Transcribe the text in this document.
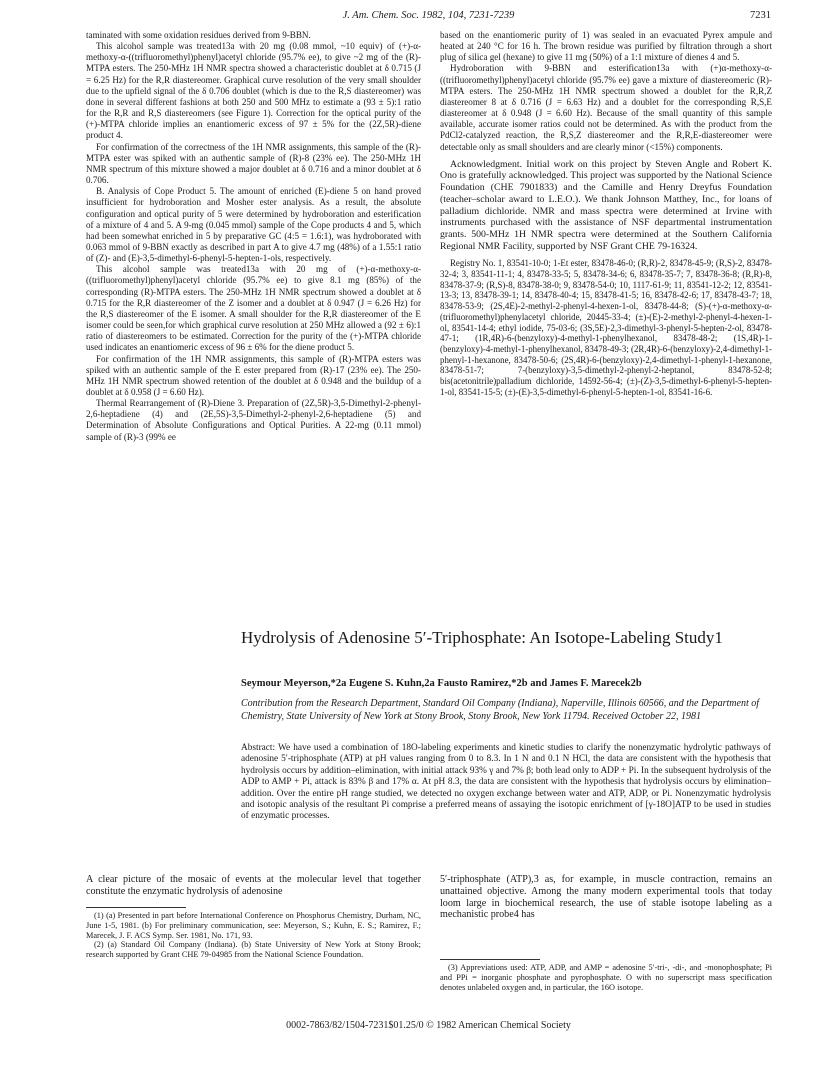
J. Am. Chem. Soc. 1982, 104, 7231-7239	7231

taminated with some oxidation residues derived from 9-BBN.

This alcohol sample was treated13a with 20 mg (0.08 mmol, ~10 equiv) of (+)-α-methoxy-α-((trifluoromethyl)phenyl)acetyl chloride (95.7% ee), to give ~2 mg of the (R)-MTPA esters. The 250-MHz 1H NMR spectra showed a characteristic doublet at δ 0.715 (J = 6.25 Hz) for the R,R diastereomer. Graphical curve resolution of the very small shoulder due to the upfield signal of the δ 0.706 doublet (which is due to the R,S diastereomer) was done in several different fashions at both 250 and 500 MHz to estimate a (93 ± 5):1 ratio for the R,R and R,S diastereomers (see Figure 1). Correction for the optical purity of the (+)-MTPA chloride implies an enantiomeric excess of 97 ± 5% for the (2Z,5R)-diene product 4.

For confirmation of the correctness of the 1H NMR assignments, this sample of the (R)-MTPA ester was spiked with an authentic sample of (R)-8 (23% ee). The 250-MHz 1H NMR spectrum of this mixture showed a major doublet at δ 0.716 and a minor doublet at δ 0.706.

B. Analysis of Cope Product 5. The amount of enriched (E)-diene 5 on hand proved insufficient for hydroboration and Mosher ester analysis. As a result, the absolute configuration and optical purity of 5 were determined by hydroboration and esterification of a mixture of 4 and 5. A 9-mg (0.045 mmol) sample of the Cope products 4 and 5, which had been somewhat enriched in 5 by preparative GC (4:5 = 1.6:1), was hydroborated with 0.063 mmol of 9-BBN exactly as described in part A to give 4.7 mg (48%) of a 1.55:1 ratio of (Z)- and (E)-3,5-dimethyl-6-phenyl-5-hepten-1-ols, respectively.

This alcohol sample was treated13a with 20 mg of (+)-α-methoxy-α-((trifluoromethyl)phenyl)acetyl chloride (95.7% ee) to give 8.1 mg (85%) of the corresponding (R)-MTPA esters. The 250-MHz 1H NMR spectrum showed a doublet at δ 0.715 for the R,R diastereomer of the Z isomer and a doublet at δ 0.947 (J = 6.26 Hz) for the R,S diastereomer of the E isomer. A small shoulder for the R,R diastereomer of the E isomer could be seen,for which graphical curve resolution at 250 MHz allowed a (92 ± 6):1 ratio of diastereomers to be estimated. Correction for the purity of the (+)-MTPA chloride used indicates an enantiomeric excess of 96 ± 6% for the diene product 5.

For confirmation of the 1H NMR assignments, this sample of (R)-MTPA esters was spiked with an authentic sample of the E ester prepared from (R)-17 (23% ee). The 250-MHz 1H NMR spectrum showed retention of the doublet at δ 0.948 and the buildup of a doublet at δ 0.958 (J = 6.60 Hz).

Thermal Rearrangement of (R)-Diene 3. Preparation of (2Z,5R)-3,5-Dimethyl-2-phenyl-2,6-heptadiene (4) and (2E,5S)-3,5-Dimethyl-2-phenyl-2,6-heptadiene (5) and Determination of Absolute Configurations and Optical Purities. A 22-mg (0.11 mmol) sample of (R)-3 (99% ee

based on the enantiomeric purity of 1) was sealed in an evacuated Pyrex ampule and heated at 240 °C for 16 h. The brown residue was purified by filtration through a short plug of silica gel (hexane) to give 11 mg (50%) of a 1:1 mixture of dienes 4 and 5.

Hydroboration with 9-BBN and esterification13a with (+)α-methoxy-α-((trifluoromethyl)phenyl)acetyl chloride (95.7% ee) gave a mixture of diastereomeric (R)-MTPA esters. The 250-MHz 1H NMR spectrum showed a doublet for the R,R,Z diastereomer 8 at δ 0.716 (J = 6.63 Hz) and a doublet for the corresponding R,S,E diastereomer at δ 0.948 (J = 6.60 Hz). Because of the small quantity of this sample available, accurate isomer ratios could not be determined. As with the product from the PdCl2-catalyzed reaction, the R,S,Z diastereomer and the R,R,E-diastereomer were detectable only as small shoulders and are clearly minor (<15%) components.

Acknowledgment. Initial work on this project by Steven Angle and Robert K. Ono is gratefully acknowledged. This project was supported by the National Science Foundation (CHE 7901833) and the Camille and Henry Dreyfus Foundation (teacher–scholar award to L.E.O.). We thank Johnson Matthey, Inc., for loans of palladium dichloride. NMR and mass spectra were determined at Irvine with instruments purchased with the assistance of NSF departmental instrumentation grants. 500-MHz 1H NMR spectra were determined at the Southern California Regional NMR Facility, supported by NSF Grant CHE 79-16324.

Registry No. 1, 83541-10-0; 1-Et ester, 83478-46-0; (R,R)-2, 83478-45-9; (R,S)-2, 83478-32-4; 3, 83541-11-1; 4, 83478-33-5; 5, 83478-34-6; 6, 83478-35-7; 7, 83478-36-8; (R,R)-8, 83478-37-9; (R,S)-8, 83478-38-0; 9, 83478-54-0; 10, 1117-61-9; 11, 83541-12-2; 12, 83541-13-3; 13, 83478-39-1; 14, 83478-40-4; 15, 83478-41-5; 16, 83478-42-6; 17, 83478-43-7; 18, 83478-53-9; (2S,4E)-2-methyl-2-phenyl-4-hexen-1-ol, 83478-44-8; (S)-(+)-α-methoxy-α-(trifluoromethyl)phenylacetyl chloride, 20445-33-4; (±)-(E)-2-methyl-2-phenyl-4-hexen-1-ol, 83541-14-4; ethyl iodide, 75-03-6; (3S,5E)-2,3-dimethyl-3-phenyl-5-hepten-2-ol, 83478-47-1; (1R,4R)-6-(benzyloxy)-4-methyl-1-phenylhexanol, 83478-48-2; (1S,4R)-1-(benzyloxy)-4-methyl-1-phenylhexanol, 83478-49-3; (2R,4R)-6-(benzyloxy)-2,4-dimethyl-1-phenyl-1-hexanone, 83478-50-6; (2S,4R)-6-(benzyloxy)-2,4-dimethyl-1-phenyl-1-hexanone, 83478-51-7; 7-(benzyloxy)-3,5-dimethyl-2-phenyl-2-heptanol, 83478-52-8; bis(acetonitrile)palladium dichloride, 14592-56-4; (±)-(Z)-3,5-dimethyl-6-phenyl-5-hepten-1-ol, 83541-15-5; (±)-(E)-3,5-dimethyl-6-phenyl-5-hepten-1-ol, 83541-16-6.

Hydrolysis of Adenosine 5′-Triphosphate: An Isotope-Labeling Study1
Seymour Meyerson,*2a Eugene S. Kuhn,2a Fausto Ramirez,*2b and James F. Marecek2b
Contribution from the Research Department, Standard Oil Company (Indiana), Naperville, Illinois 60566, and the Department of Chemistry, State University of New York at Stony Brook, Stony Brook, New York 11794. Received October 22, 1981
Abstract: We have used a combination of 18O-labeling experiments and kinetic studies to clarify the nonenzymatic hydrolytic pathways of adenosine 5′-triphosphate (ATP) at pH values ranging from 0 to 8.3. In 1 N and 0.1 N HCl, the data are consistent with the hypothesis that hydrolysis occurs by addition–elimination, with initial attack 93% γ and 7% β; both lead only to ADP + Pi. In the subsequent hydrolysis of the ADP to AMP + Pi, attack is 83% β and 17% α. At pH 8.3, the data are consistent with the hypothesis that hydrolysis occurs by elimination–addition. Over the entire pH range studied, we detected no oxygen exchange between water and ATP, ADP, or Pi. Nonenzymatic hydrolysis and isotopic analysis of the resultant Pi comprise a preferred means of assaying the isotopic enrichment of [γ-18O]ATP to be used in studies of enzymatic processes.

A clear picture of the mosaic of events at the molecular level that together constitute the enzymatic hydrolysis of adenosine

5′-triphosphate (ATP),3 as, for example, in muscle contraction, remains an unattained objective. Among the many modern experimental tools that today loom large in biochemical research, the use of stable isotope labeling as a mechanistic probe4 has

(1) (a) Presented in part before International Conference on Phosphorus Chemistry, Durham, NC, June 1-5, 1981. (b) For preliminary communication, see: Meyerson, S.; Kuhn, E. S.; Ramirez, F.; Marecek, J. F. ACS Symp. Ser. 1981, No. 171, 93.

(2) (a) Standard Oil Company (Indiana). (b) State University of New York at Stony Brook; research supported by Grant CHE 79-04985 from the National Science Foundation.

(3) Appreviations used: ATP, ADP, and AMP = adenosine 5′-tri-, -di-, and -monophosphate; Pi and PPi = inorganic phosphate and pyrophosphate. O with no superscript mass specification denotes unlabeled oxygen and, in particular, the 16O isotope.

0002-7863/82/1504-7231$01.25/0 © 1982 American Chemical Society
